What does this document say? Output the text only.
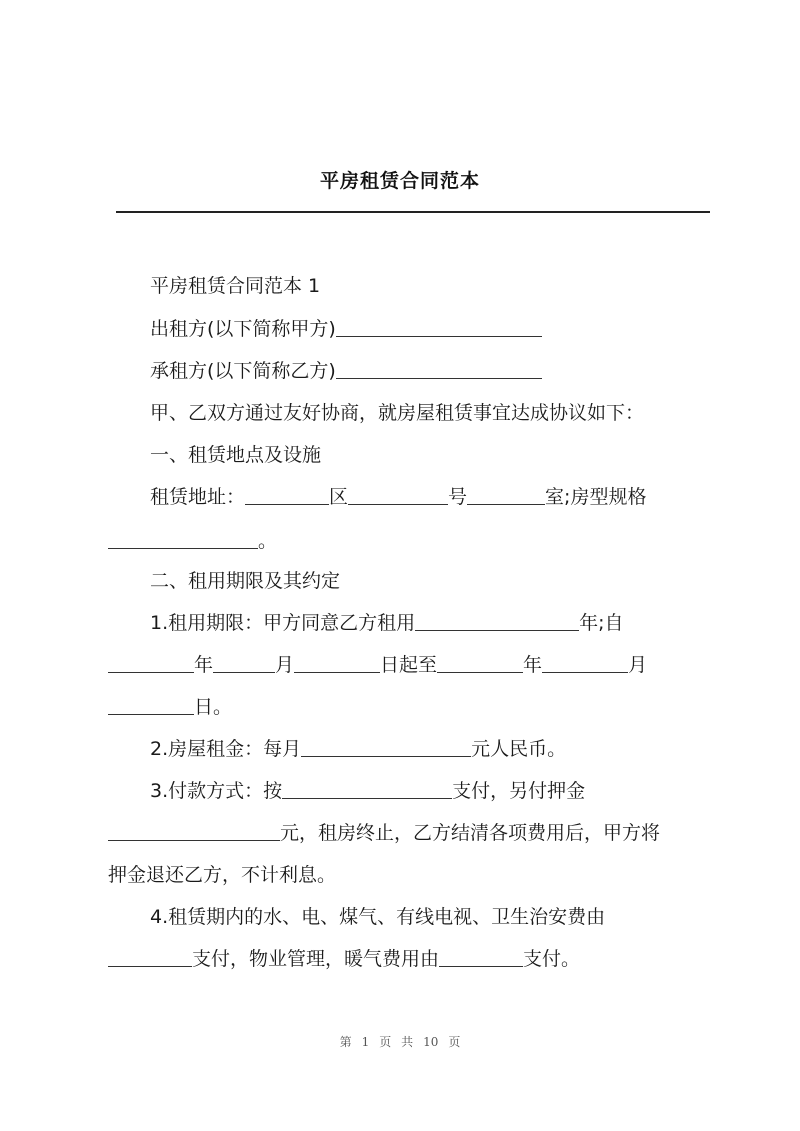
平房租赁合同范本
平房租赁合同范本 1
出租方(以下简称甲方)
承租方(以下简称乙方)
甲、乙双方通过友好协商，就房屋租赁事宜达成协议如下：
一、租赁地点及设施
租赁地址：	区	号	室;房型规格
。
二、租用期限及其约定
1.租用期限：甲方同意乙方租用	年;自
年	月	日起至	年	月
日。
2.房屋租金：每月	元人民币。
3.付款方式：按	支付，另付押金
元，租房终止，乙方结清各项费用后，甲方将
押金退还乙方，不计利息。
4.租赁期内的水、电、煤气、有线电视、卫生治安费由
支付，物业管理，暖气费用由	支付。
第 1 页 共 10 页
